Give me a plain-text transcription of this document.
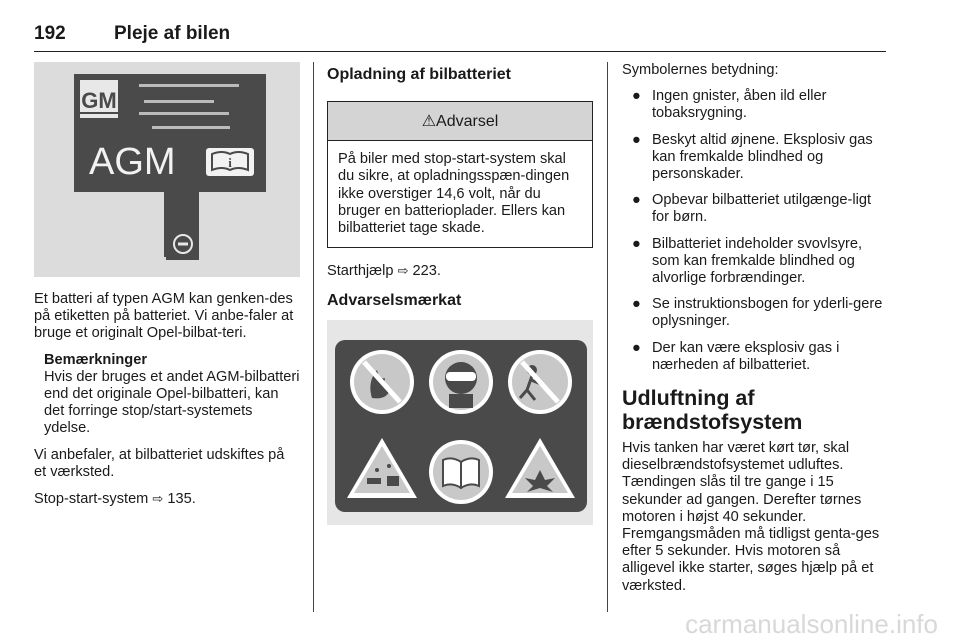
192	Pleje af bilen
GM
AGM	i

Et batteri af typen AGM kan genken-des på etiketten på batteriet. Vi anbe-faler at bruge et originalt Opel-bilbat-teri.

Bemærkninger
Hvis der bruges et andet AGM-bilbatteri end det originale Opel-bilbatteri, kan det forringe stop/start-systemets ydelse.

Vi anbefaler, at bilbatteriet udskiftes på et værksted.

Stop-start-system ⇨ 135.

Opladning af bilbatteriet
⚠ Advarsel
På biler med stop-start-system skal du sikre, at opladningsspæn-dingen ikke overstiger 14,6 volt, når du bruger en batterioplader. Ellers kan bilbatteriet tage skade.

Starthjælp ⇨ 223.

Advarselsmærkat

Symbolernes betydning:

● Ingen gnister, åben ild eller tobaksrygning.
● Beskyt altid øjnene. Eksplosiv gas kan fremkalde blindhed og personskader.
● Opbevar bilbatteriet utilgænge-ligt for børn.
● Bilbatteriet indeholder svovlsyre, som kan fremkalde blindhed og alvorlige forbrændinger.
● Se instruktionsbogen for yderli-gere oplysninger.
● Der kan være eksplosiv gas i nærheden af bilbatteriet.
Udluftning af brændstofsystem
Hvis tanken har været kørt tør, skal dieselbrændstofsystemet udluftes. Tændingen slås til tre gange i 15 sekunder ad gangen. Derefter tørnes motoren i højst 40 sekunder. Fremgangsmåden må tidligst genta-ges efter 5 sekunder. Hvis motoren så alligevel ikke starter, søges hjælp på et værksted.
carmanualsonline.info
